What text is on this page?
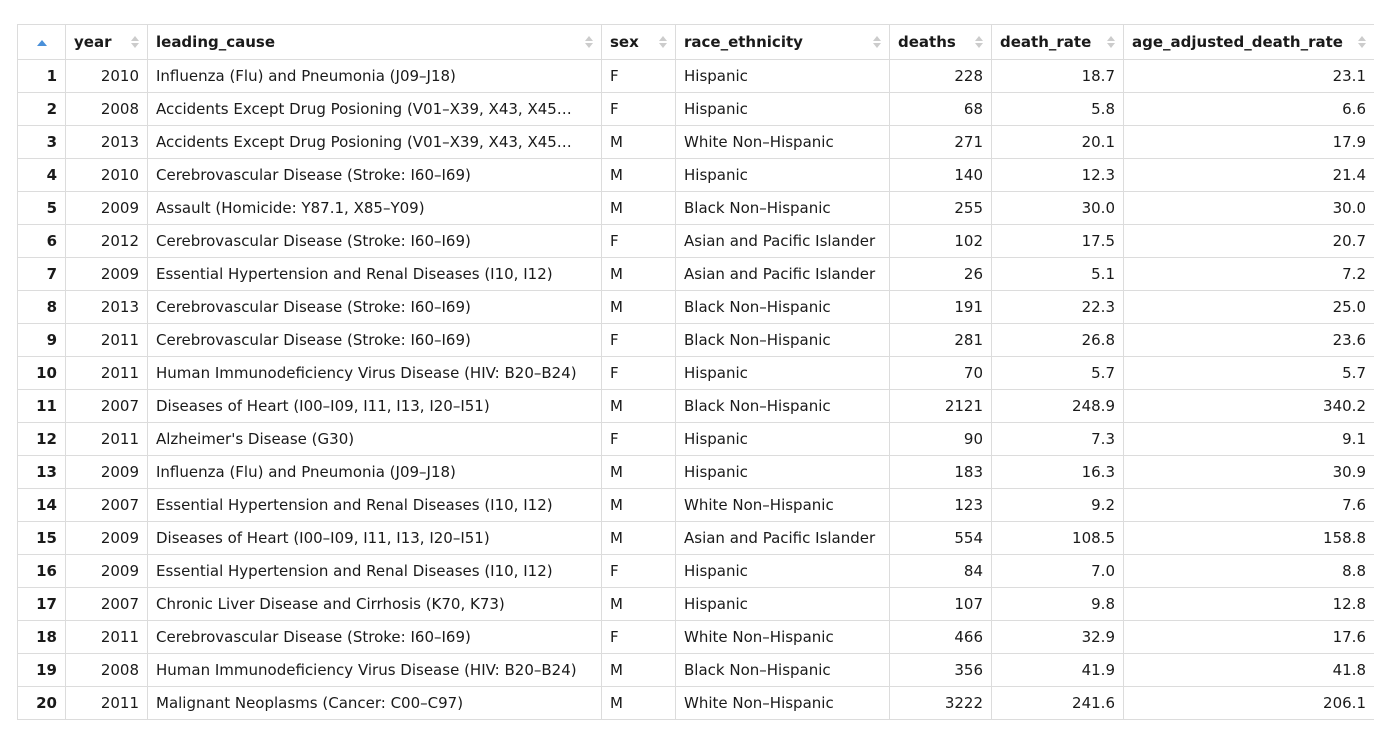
	year	leading_cause	sex	race_ethnicity	deaths	death_rate	age_adjusted_death_rate

1	2010	Influenza (Flu) and Pneumonia (J09–J18)	F	Hispanic	228	18.7	23.1
2	2008	Accidents Except Drug Posioning (V01–X39, X43, X45…	F	Hispanic	68	5.8	6.6
3	2013	Accidents Except Drug Posioning (V01–X39, X43, X45…	M	White Non–Hispanic	271	20.1	17.9
4	2010	Cerebrovascular Disease (Stroke: I60–I69)	M	Hispanic	140	12.3	21.4
5	2009	Assault (Homicide: Y87.1, X85–Y09)	M	Black Non–Hispanic	255	30.0	30.0
6	2012	Cerebrovascular Disease (Stroke: I60–I69)	F	Asian and Pacific Islander	102	17.5	20.7
7	2009	Essential Hypertension and Renal Diseases (I10, I12)	M	Asian and Pacific Islander	26	5.1	7.2
8	2013	Cerebrovascular Disease (Stroke: I60–I69)	M	Black Non–Hispanic	191	22.3	25.0
9	2011	Cerebrovascular Disease (Stroke: I60–I69)	F	Black Non–Hispanic	281	26.8	23.6
10	2011	Human Immunodeficiency Virus Disease (HIV: B20–B24)	F	Hispanic	70	5.7	5.7
11	2007	Diseases of Heart (I00–I09, I11, I13, I20–I51)	M	Black Non–Hispanic	2121	248.9	340.2
12	2011	Alzheimer's Disease (G30)	F	Hispanic	90	7.3	9.1
13	2009	Influenza (Flu) and Pneumonia (J09–J18)	M	Hispanic	183	16.3	30.9
14	2007	Essential Hypertension and Renal Diseases (I10, I12)	M	White Non–Hispanic	123	9.2	7.6
15	2009	Diseases of Heart (I00–I09, I11, I13, I20–I51)	M	Asian and Pacific Islander	554	108.5	158.8
16	2009	Essential Hypertension and Renal Diseases (I10, I12)	F	Hispanic	84	7.0	8.8
17	2007	Chronic Liver Disease and Cirrhosis (K70, K73)	M	Hispanic	107	9.8	12.8
18	2011	Cerebrovascular Disease (Stroke: I60–I69)	F	White Non–Hispanic	466	32.9	17.6
19	2008	Human Immunodeficiency Virus Disease (HIV: B20–B24)	M	Black Non–Hispanic	356	41.9	41.8
20	2011	Malignant Neoplasms (Cancer: C00–C97)	M	White Non–Hispanic	3222	241.6	206.1
